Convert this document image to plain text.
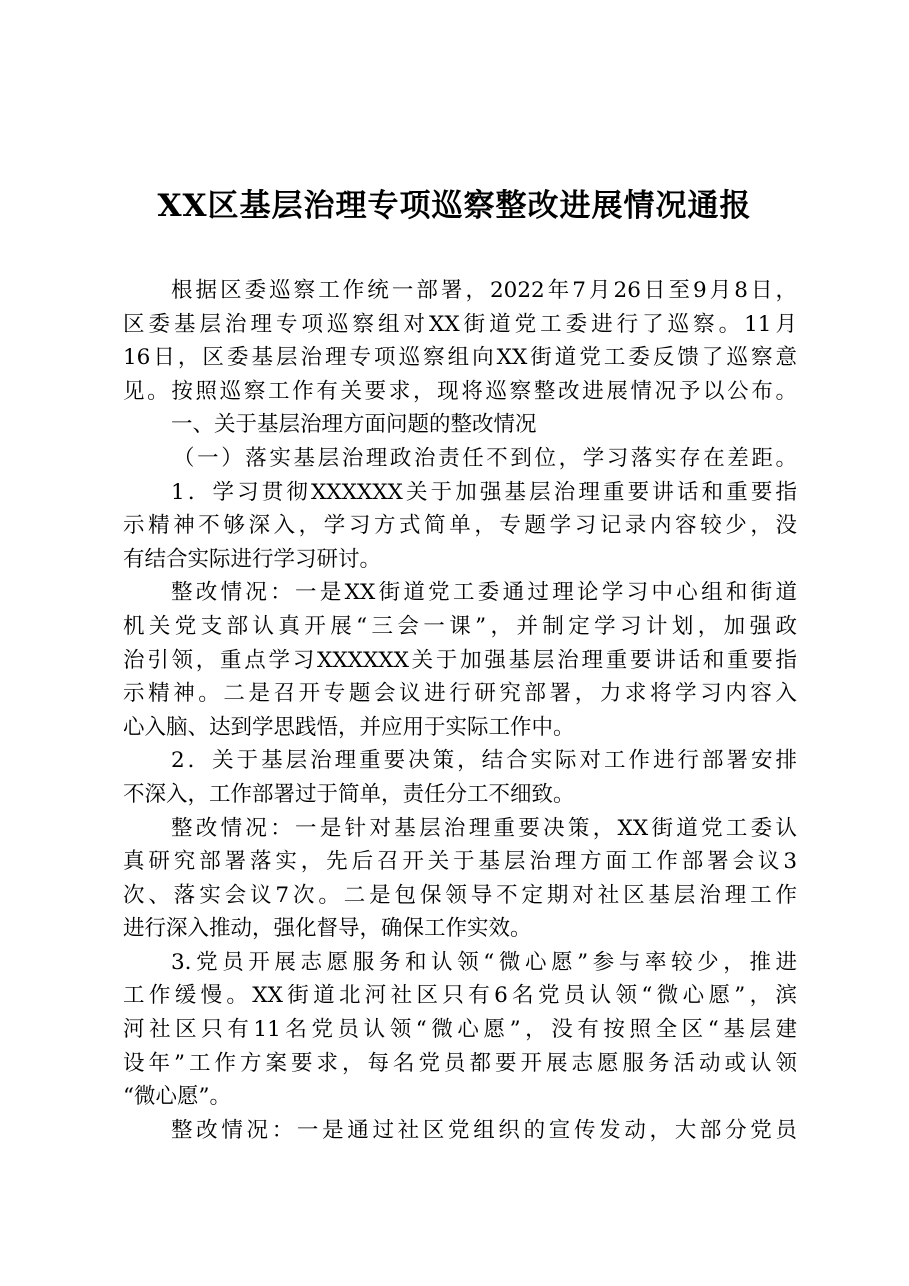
XX区基层治理专项巡察整改进展情况通报
根据区委巡察工作统一部署，2022年7月26日至9月8日，
区委基层治理专项巡察组对XX街道党工委进行了巡察。11月
16日，区委基层治理专项巡察组向XX街道党工委反馈了巡察意
见。按照巡察工作有关要求，现将巡察整改进展情况予以公布。
一、关于基层治理方面问题的整改情况
（一）落实基层治理政治责任不到位，学习落实存在差距。
1．学习贯彻XXXXXX关于加强基层治理重要讲话和重要指
示精神不够深入，学习方式简单，专题学习记录内容较少，没
有结合实际进行学习研讨。
整改情况：一是XX街道党工委通过理论学习中心组和街道
机关党支部认真开展“三会一课”，并制定学习计划，加强政
治引领，重点学习XXXXXX关于加强基层治理重要讲话和重要指
示精神。二是召开专题会议进行研究部署，力求将学习内容入
心入脑、达到学思践悟，并应用于实际工作中。
2．关于基层治理重要决策，结合实际对工作进行部署安排
不深入，工作部署过于简单，责任分工不细致。
整改情况：一是针对基层治理重要决策，XX街道党工委认
真研究部署落实，先后召开关于基层治理方面工作部署会议3
次、落实会议7次。二是包保领导不定期对社区基层治理工作
进行深入推动，强化督导，确保工作实效。
3.党员开展志愿服务和认领“微心愿”参与率较少，推进
工作缓慢。XX街道北河社区只有6名党员认领“微心愿”，滨
河社区只有11名党员认领“微心愿”，没有按照全区“基层建
设年”工作方案要求，每名党员都要开展志愿服务活动或认领
“微心愿”。
整改情况：一是通过社区党组织的宣传发动，大部分党员
